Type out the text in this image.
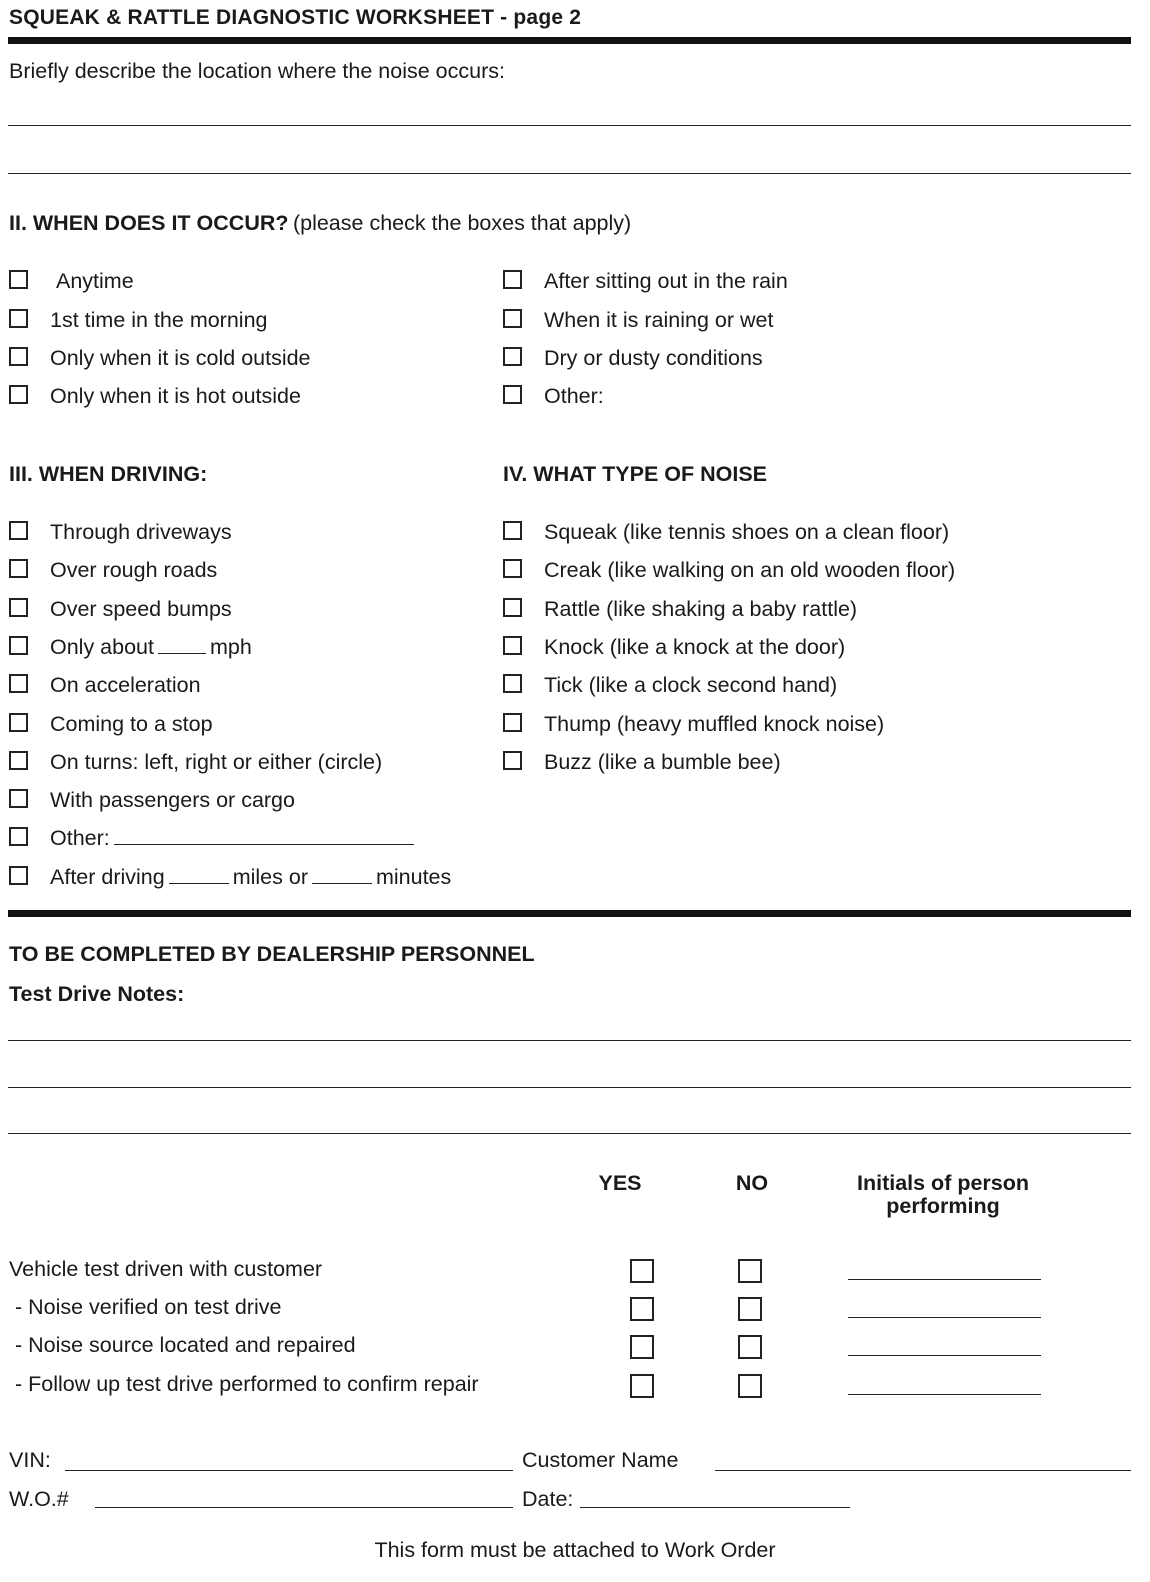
SQUEAK & RATTLE DIAGNOSTIC WORKSHEET - page 2
Briefly describe the location where the noise occurs:
II. WHEN DOES IT OCCUR? (please check the boxes that apply)
Anytime
1st time in the morning
Only when it is cold outside
Only when it is hot outside
After sitting out in the rain
When it is raining or wet
Dry or dusty conditions
Other:
III. WHEN DRIVING:
Through driveways
Over rough roads
Over speed bumps
Only about	mph
On acceleration
Coming to a stop
On turns: left, right or either (circle)
With passengers or cargo
Other:
After driving	miles or	minutes
IV. WHAT TYPE OF NOISE
Squeak (like tennis shoes on a clean floor)
Creak (like walking on an old wooden floor)
Rattle (like shaking a baby rattle)
Knock (like a knock at the door)
Tick (like a clock second hand)
Thump (heavy muffled knock noise)
Buzz (like a bumble bee)
TO BE COMPLETED BY DEALERSHIP PERSONNEL
Test Drive Notes:
YES	NO	Initials of person performing
Vehicle test driven with customer
- Noise verified on test drive
- Noise source located and repaired
- Follow up test drive performed to confirm repair
VIN:	Customer Name
W.O.#	Date:
This form must be attached to Work Order
